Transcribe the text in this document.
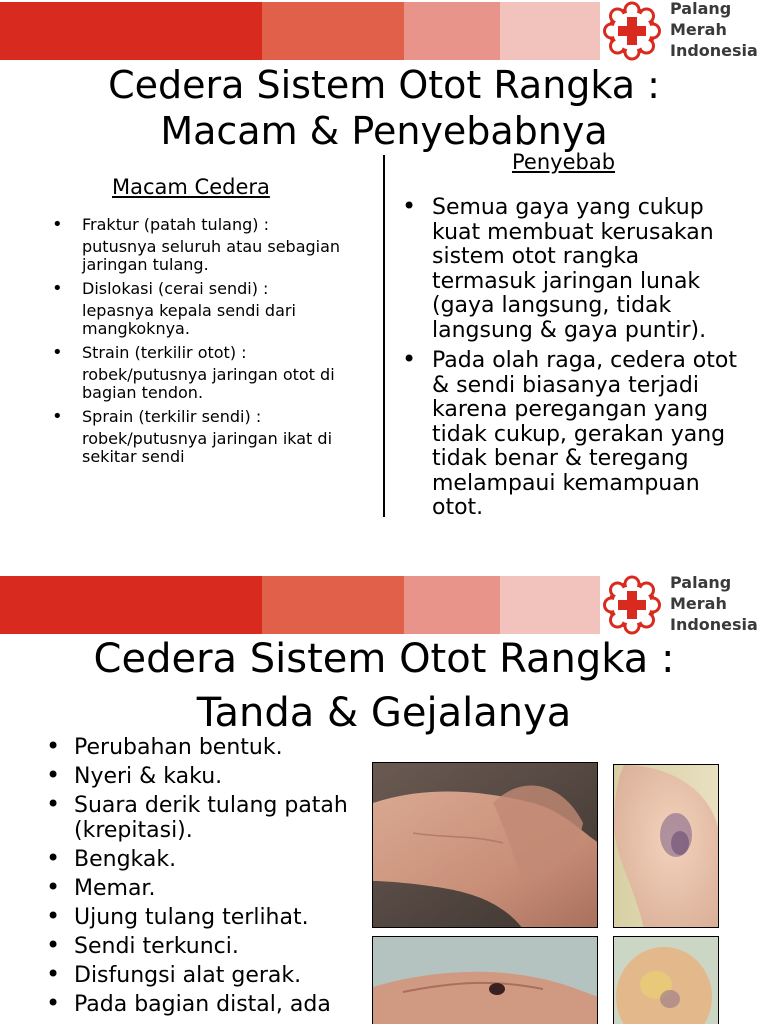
Palang
Merah
Indonesia
Cedera Sistem Otot Rangka :
Macam & Penyebabnya
Macam Cedera
Penyebab
• Fraktur (patah tulang) :
putusnya seluruh atau sebagian jaringan tulang.
• Dislokasi (cerai sendi) :
lepasnya kepala sendi dari mangkoknya.
• Strain (terkilir otot) :
robek/putusnya jaringan otot di bagian tendon.
• Sprain (terkilir sendi) :
robek/putusnya jaringan ikat di sekitar sendi
• Semua gaya yang cukup kuat membuat kerusakan sistem otot rangka termasuk jaringan lunak (gaya langsung, tidak langsung & gaya puntir).
• Pada olah raga, cedera otot & sendi biasanya terjadi karena peregangan yang tidak cukup, gerakan yang tidak benar & teregang melampaui kemampuan otot.
Palang
Merah
Indonesia
Cedera Sistem Otot Rangka :
Tanda & Gejalanya
• Perubahan bentuk.
• Nyeri & kaku.
• Suara derik tulang patah (krepitasi).
• Bengkak.
• Memar.
• Ujung tulang terlihat.
• Sendi terkunci.
• Disfungsi alat gerak.
• Pada bagian distal, ada
